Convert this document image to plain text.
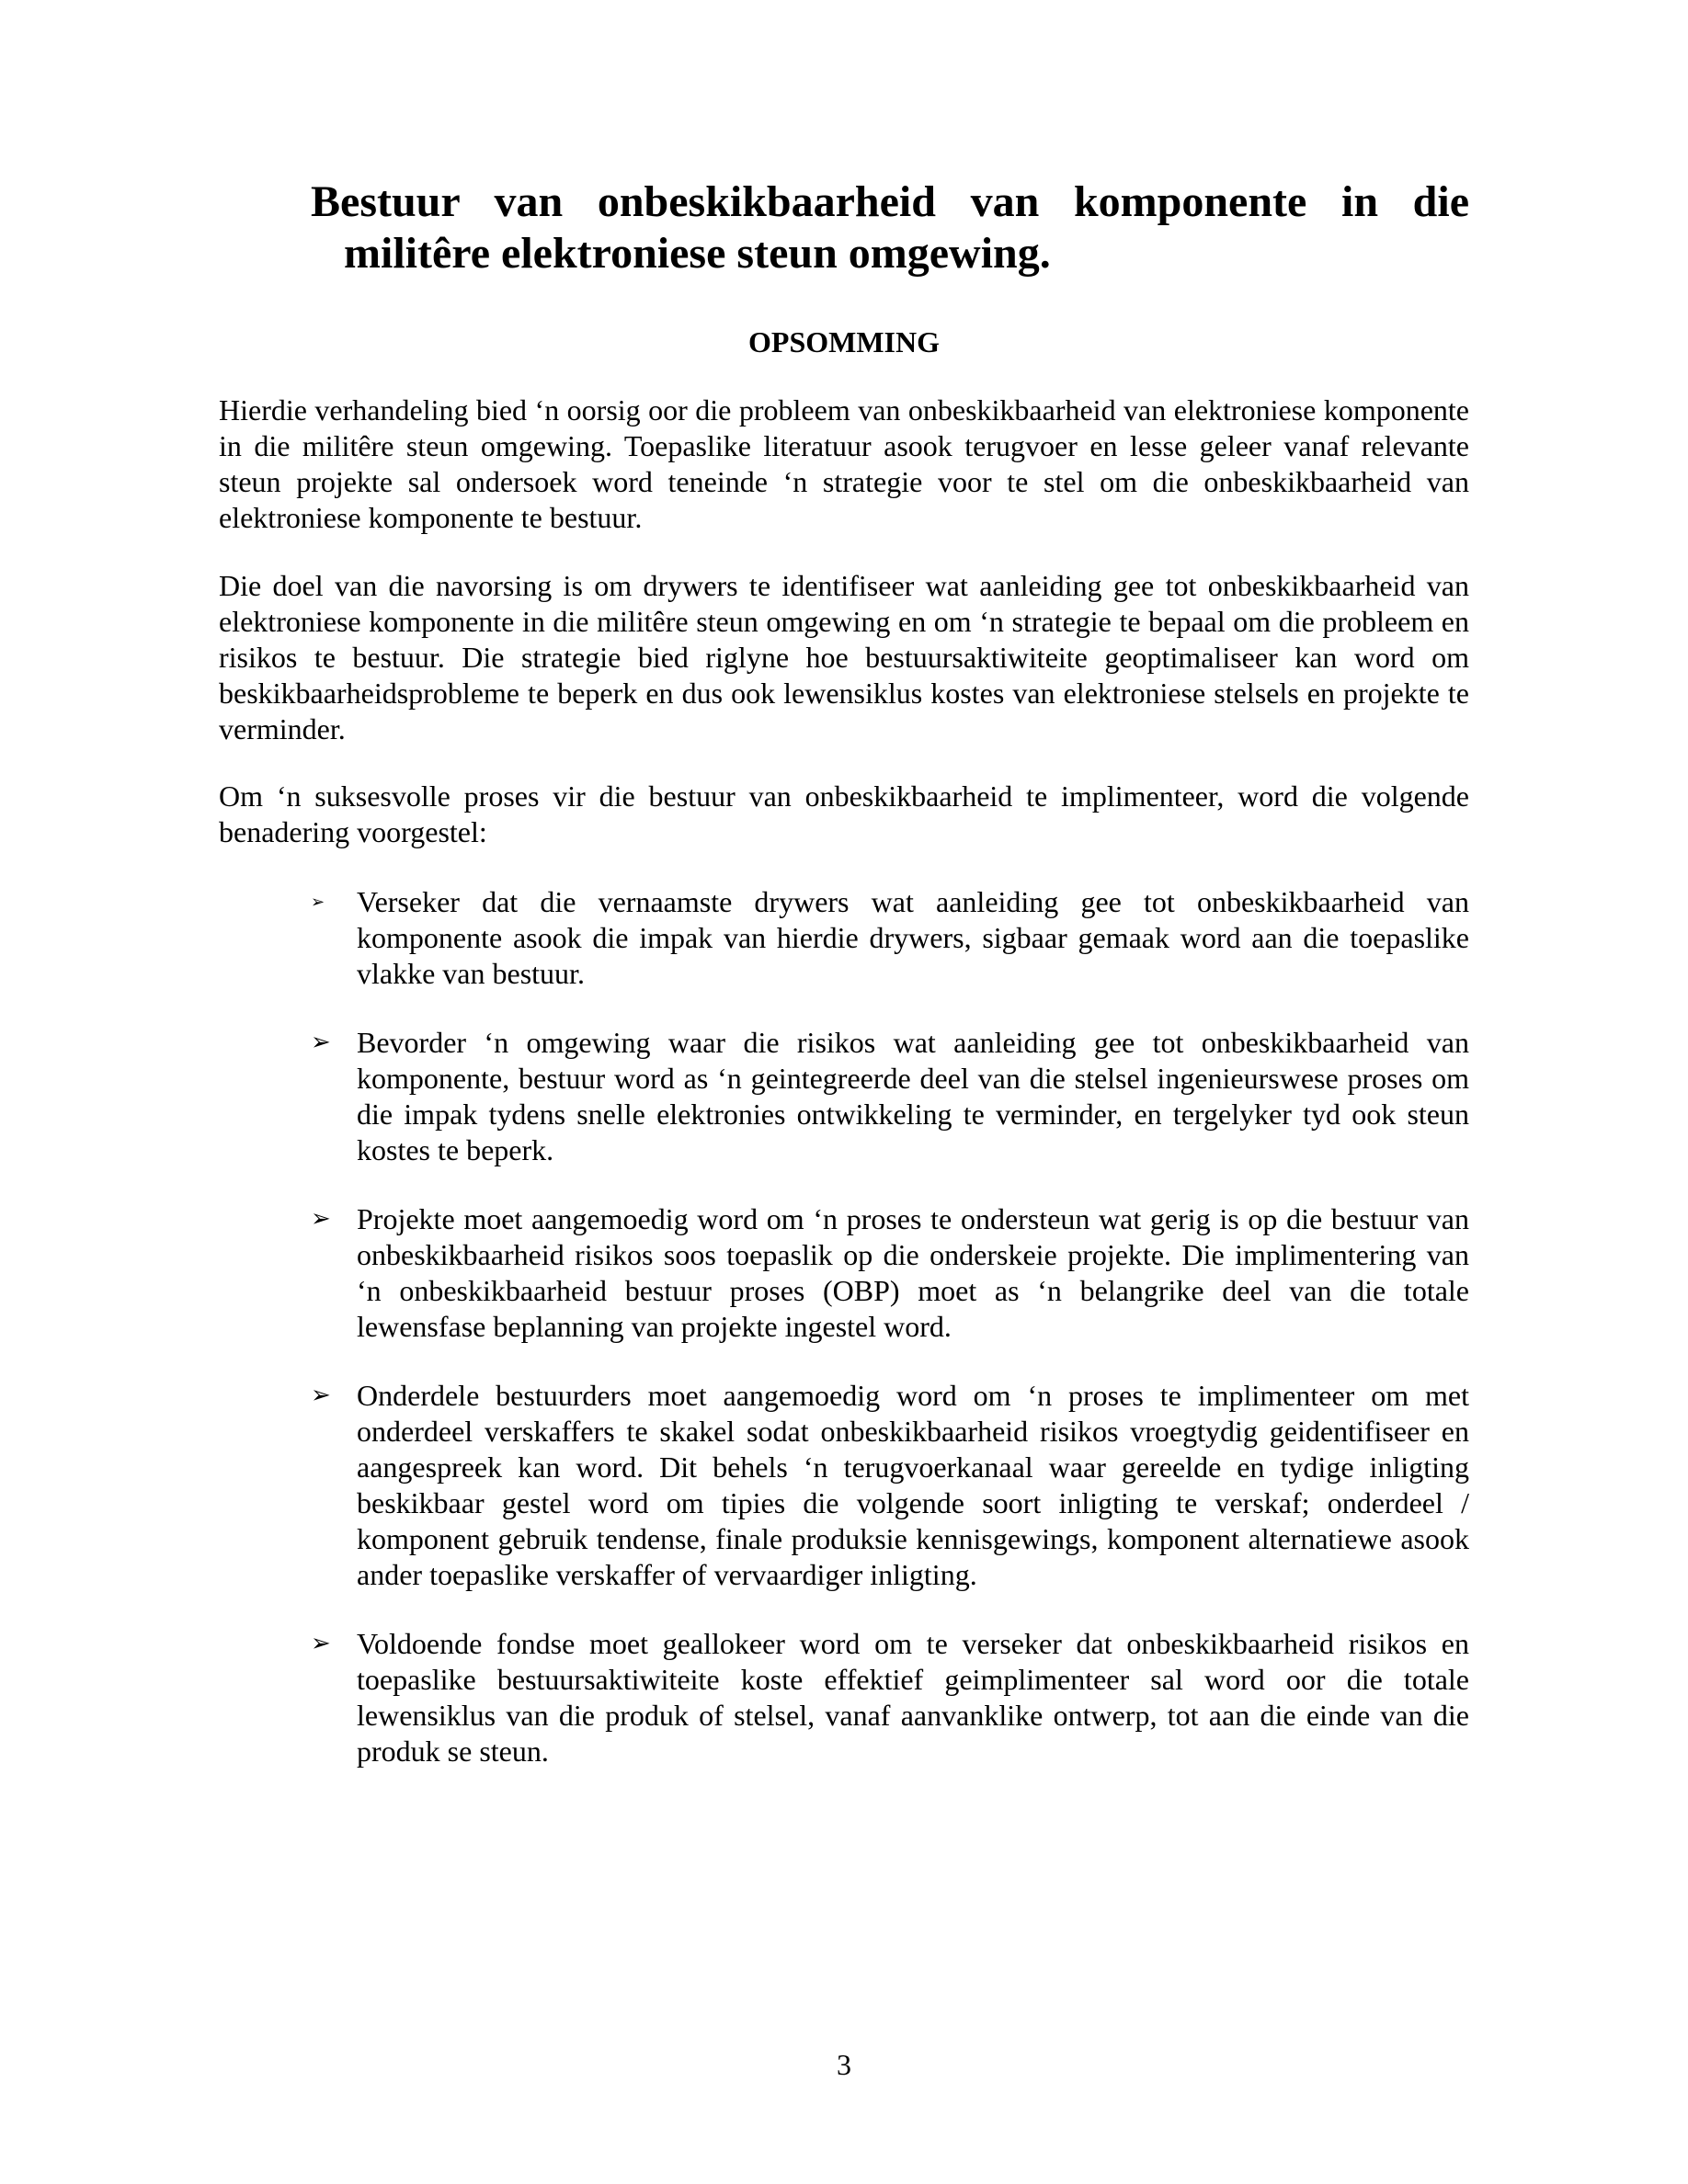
Bestuur van onbeskikbaarheid van komponente in die militêre elektroniese steun omgewing.
OPSOMMING

Hierdie verhandeling bied ‘n oorsig oor die probleem van onbeskikbaarheid van elektroniese komponente in die militêre steun omgewing. Toepaslike literatuur asook terugvoer en lesse geleer vanaf relevante steun projekte sal ondersoek word teneinde ‘n strategie voor te stel om die onbeskikbaarheid van elektroniese komponente te bestuur.

Die doel van die navorsing is om drywers te identifiseer wat aanleiding gee tot onbeskikbaarheid van elektroniese komponente in die militêre steun omgewing en om ‘n strategie te bepaal om die probleem en risikos te bestuur. Die strategie bied riglyne hoe bestuursaktiwiteite geoptimaliseer kan word om beskikbaarheidsprobleme te beperk en dus ook lewensiklus kostes van elektroniese stelsels en projekte te verminder.

Om ‘n suksesvolle proses vir die bestuur van onbeskikbaarheid te implimenteer, word die volgende benadering voorgestel:

➢	Verseker dat die vernaamste drywers wat aanleiding gee tot onbeskikbaarheid van komponente asook die impak van hierdie drywers, sigbaar gemaak word aan die toepaslike vlakke van bestuur.
➢ Bevorder ‘n omgewing waar die risikos wat aanleiding gee tot onbeskikbaarheid van komponente, bestuur word as ‘n geintegreerde deel van die stelsel ingenieurswese proses om die impak tydens snelle elektronies ontwikkeling te verminder, en tergelyker tyd ook steun kostes te beperk.
➢ Projekte moet aangemoedig word om ‘n proses te ondersteun wat gerig is op die bestuur van onbeskikbaarheid risikos soos toepaslik op die onderskeie projekte. Die implimentering van ‘n onbeskikbaarheid bestuur proses (OBP) moet as ‘n belangrike deel van die totale lewensfase beplanning van projekte ingestel word.
➢ Onderdele bestuurders moet aangemoedig word om ‘n proses te implimenteer om met onderdeel verskaffers te skakel sodat onbeskikbaarheid risikos vroegtydig geidentifiseer en aangespreek kan word. Dit behels ‘n terugvoerkanaal waar gereelde en tydige inligting beskikbaar gestel word om tipies die volgende soort inligting te verskaf; onderdeel / komponent gebruik tendense, finale produksie kennisgewings, komponent alternatiewe asook ander toepaslike verskaffer of vervaardiger inligting.
➢ Voldoende fondse moet geallokeer word om te verseker dat onbeskikbaarheid risikos en toepaslike bestuursaktiwiteite koste effektief geimplimenteer sal word oor die totale lewensiklus van die produk of stelsel, vanaf aanvanklike ontwerp, tot aan die einde van die produk se steun.
3
